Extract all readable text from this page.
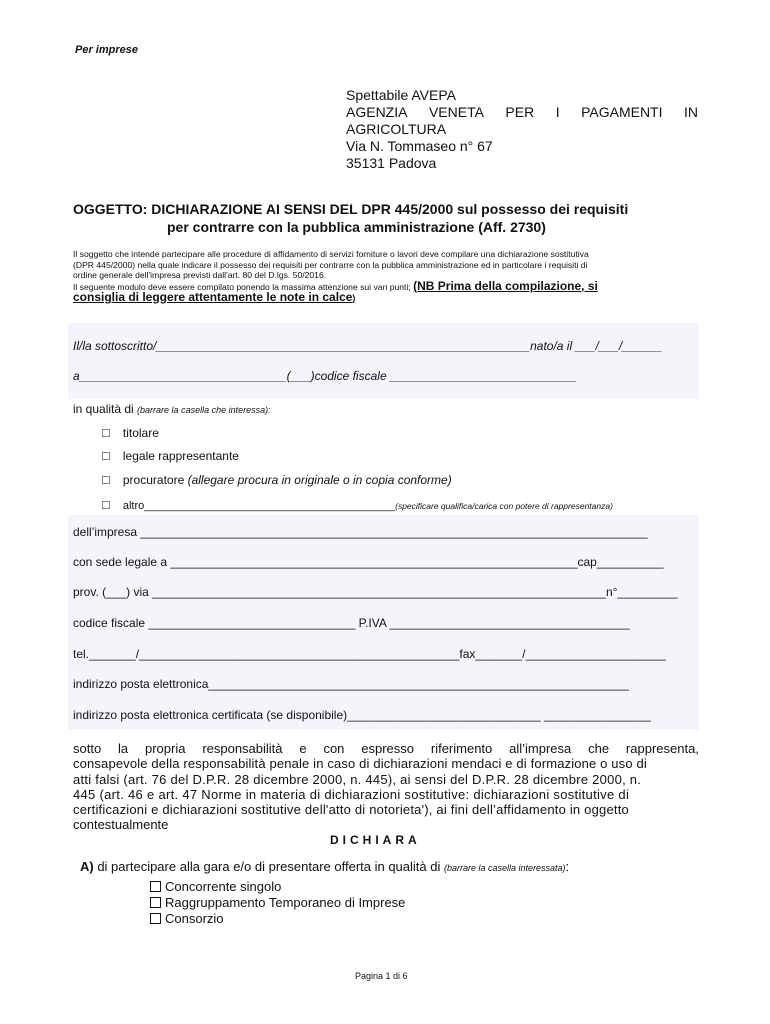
Per imprese
Spettabile AVEPA
AGENZIA VENETA PER I PAGAMENTI IN
AGRICOLTURA
Via N. Tommaseo n° 67
35131 Padova
OGGETTO: DICHIARAZIONE AI SENSI DEL DPR 445/2000 sul possesso dei requisiti
per contrarre con la pubblica amministrazione (Aff. 2730)
Il soggetto che intende partecipare alle procedure di affidamento di servizi forniture o lavori deve compilare una dichiarazione sostitutiva
(DPR 445/2000) nella quale indicare il possesso dei requisiti per contrarre con la pubblica amministrazione ed in particolare i requisiti di
ordine generale dell'impresa previsti dall'art. 80 del D.lgs. 50/2016.
Il seguente modulo deve essere compilato ponendo la massima attenzione sui vari punti; (NB Prima della compilazione, si
consiglia di leggere attentamente le note in calce)
Il/la sottoscritto/________________________________________________________nato/a il ___/___/______
a_______________________________(___)codice fiscale ____________________________
in qualità di (barrare la casella che interessa):
☐ titolare
☐ legale rappresentante
☐ procuratore (allegare procura in originale o in copia conforme)
☐ altro_________________________________________(specificare qualifica/carica con potere di rappresentanza)
dell’impresa ____________________________________________________________________________
con sede legale a _____________________________________________________________cap__________
prov. (___) via ____________________________________________________________________n°_________
codice fiscale _______________________________ P.IVA ____________________________________
tel._______/________________________________________________fax_______/_____________________
indirizzo posta elettronica_______________________________________________________________
indirizzo posta elettronica certificata (se disponibile)_____________________________ ________________
sotto la propria responsabilità e con espresso riferimento all’impresa che rappresenta,
consapevole della responsabilità penale in caso di dichiarazioni mendaci e di formazione o uso di
atti falsi (art. 76 del D.P.R. 28 dicembre 2000, n. 445), ai sensi del D.P.R. 28 dicembre 2000, n.
445 (art. 46 e art. 47 Norme in materia di dichiarazioni sostitutive: dichiarazioni sostitutive di
certificazioni e dichiarazioni sostitutive dell'atto di notorieta'), ai fini dell’affidamento in oggetto
contestualmente
DICHIARA
A) di partecipare alla gara e/o di presentare offerta in qualità di (barrare la casella interessata):
Concorrente singolo
Raggruppamento Temporaneo di Imprese
Consorzio
Pagina 1 di 6
